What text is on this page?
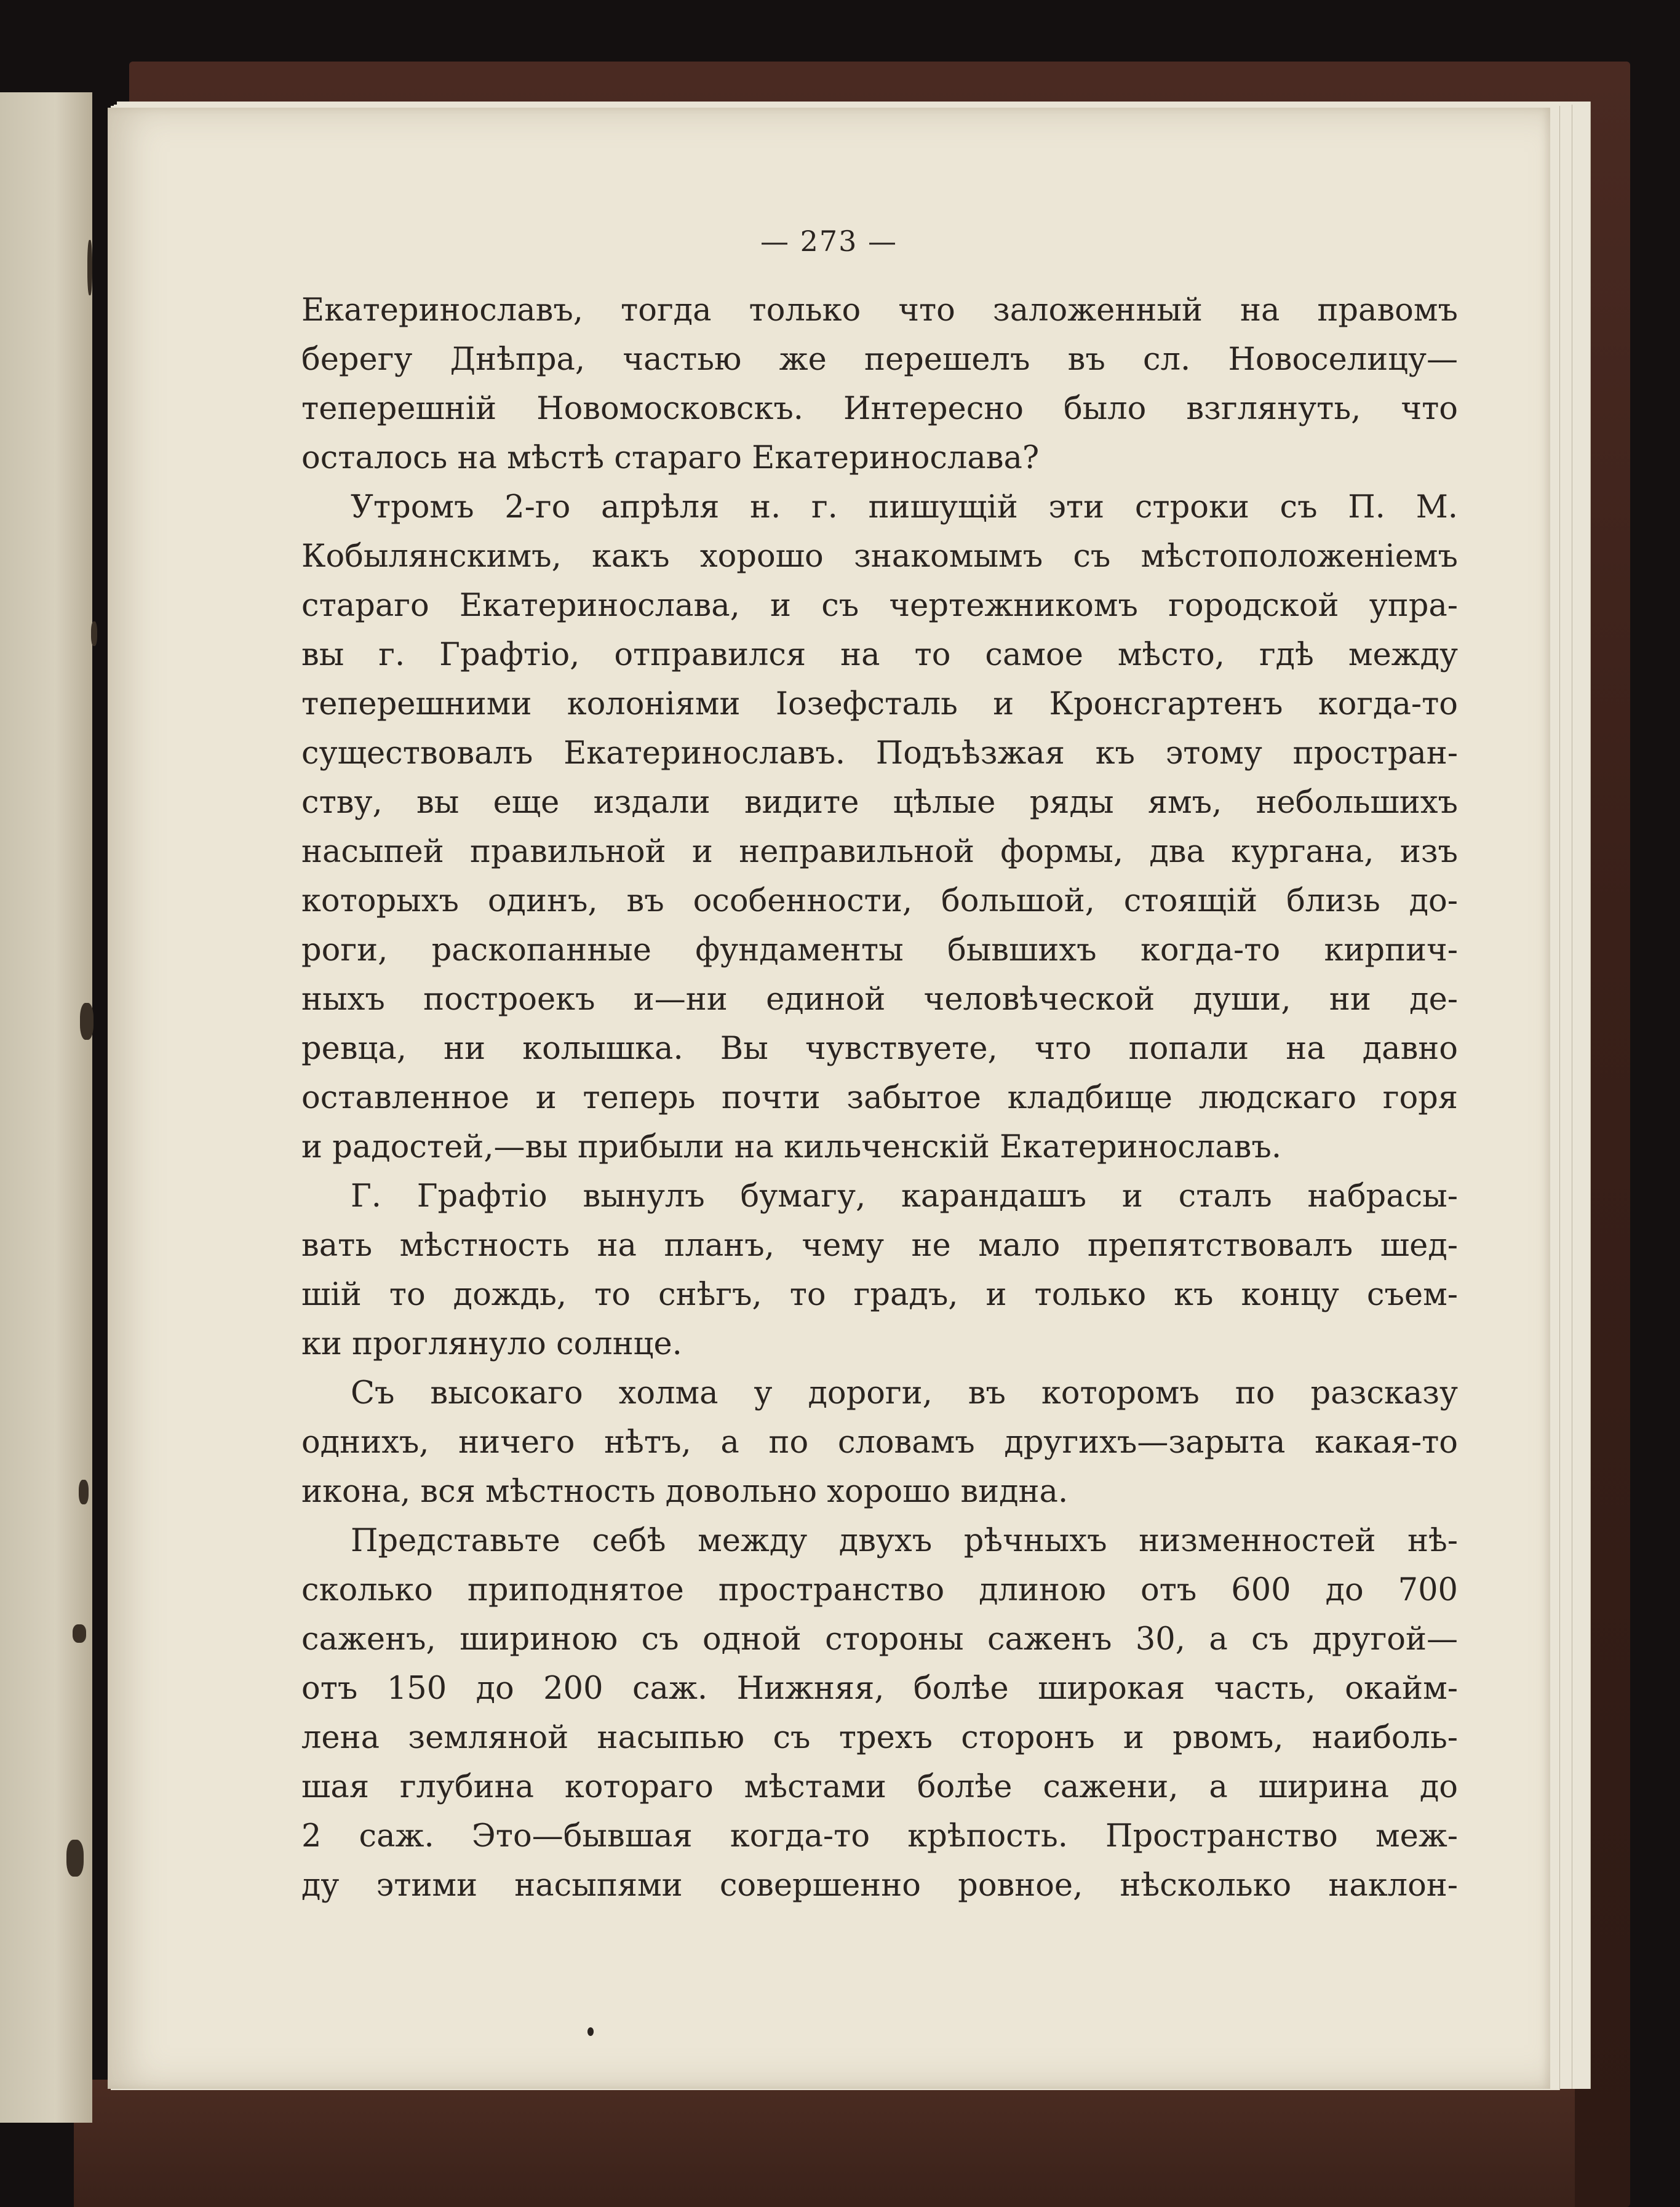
— 273 —
Екатеринославъ, тогда только что заложенный на правомъ
берегу Днѣпра, частью же перешелъ въ сл. Новоселицу—
теперешній Новомосковскъ. Интересно было взглянуть, что
осталось на мѣстѣ стараго Екатеринослава?
Утромъ 2-го апрѣля н. г. пишущій эти строки съ П. М.
Кобылянскимъ, какъ хорошо знакомымъ съ мѣстоположеніемъ
стараго Екатеринослава, и съ чертежникомъ городской упра-
вы г. Графтіо, отправился на то самое мѣсто, гдѣ между
теперешними колоніями Іозефсталь и Кронсгартенъ когда-то
существовалъ Екатеринославъ. Подъѣзжая къ этому простран-
ству, вы еще издали видите цѣлые ряды ямъ, небольшихъ
насыпей правильной и неправильной формы, два кургана, изъ
которыхъ одинъ, въ особенности, большой, стоящій близь до-
роги, раскопанные фундаменты бывшихъ когда-то кирпич-
ныхъ построекъ и—ни единой человѣческой души, ни де-
ревца, ни колышка. Вы чувствуете, что попали на давно
оставленное и теперь почти забытое кладбище людскаго горя
и радостей,—вы прибыли на кильченскій Екатеринославъ.
Г. Графтіо вынулъ бумагу, карандашъ и сталъ набрасы-
вать мѣстность на планъ, чему не мало препятствовалъ шед-
шій то дождь, то снѣгъ, то градъ, и только къ концу съем-
ки проглянуло солнце.
Съ высокаго холма у дороги, въ которомъ по разсказу
однихъ, ничего нѣтъ, а по словамъ другихъ—зарыта какая-то
икона, вся мѣстность довольно хорошо видна.
Представьте себѣ между двухъ рѣчныхъ низменностей нѣ-
сколько приподнятое пространство длиною отъ 600 до 700
саженъ, шириною съ одной стороны саженъ 30, а съ другой—
отъ 150 до 200 саж. Нижняя, болѣе широкая часть, окайм-
лена земляной насыпью съ трехъ сторонъ и рвомъ, наиболь-
шая глубина котораго мѣстами болѣе сажени, а ширина до
2 саж. Это—бывшая когда-то крѣпость. Пространство меж-
ду этими насыпями совершенно ровное, нѣсколько наклон-
